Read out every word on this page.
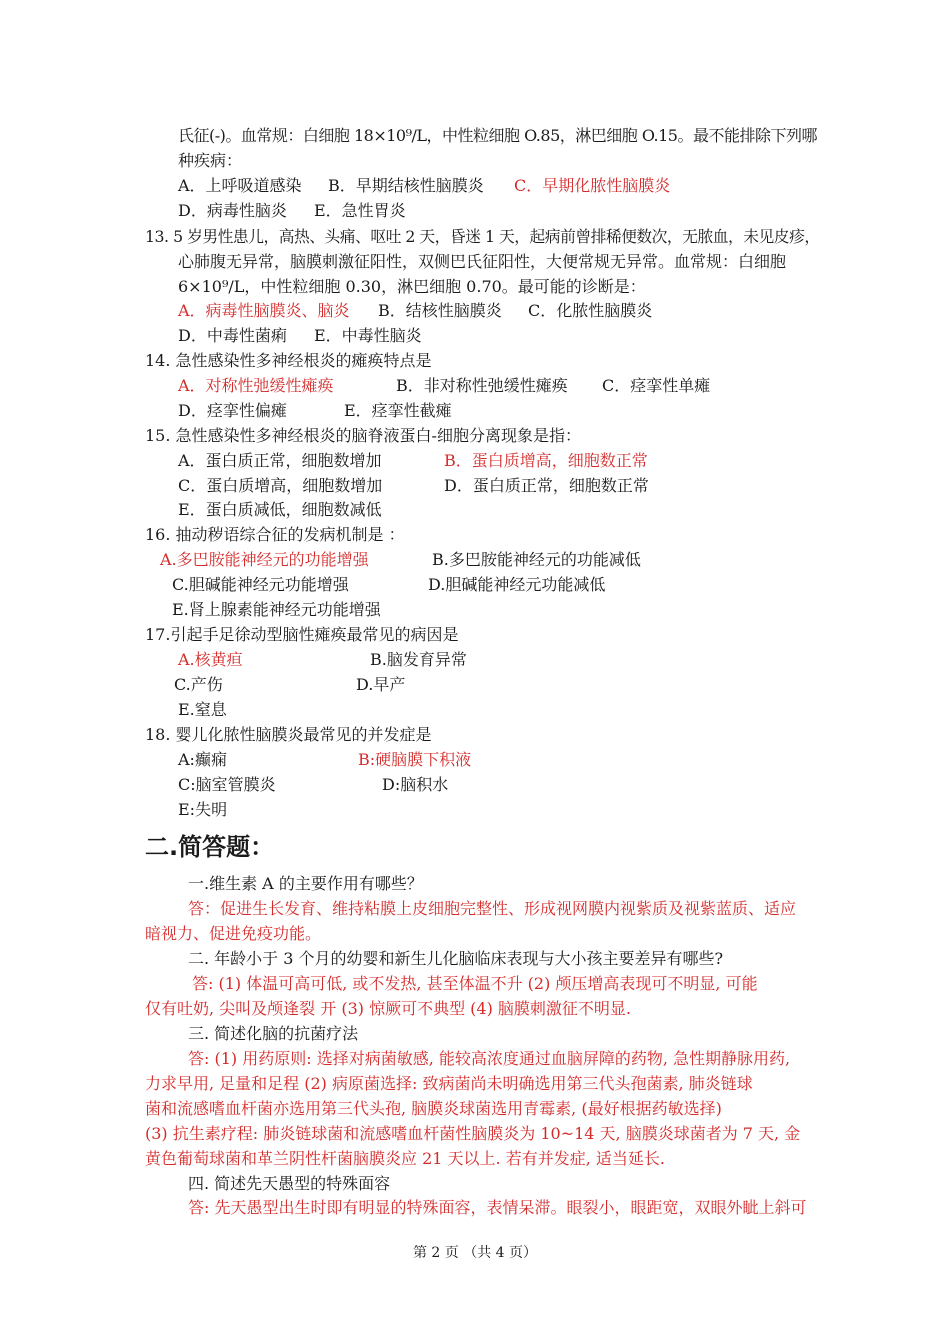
氏征(-)。血常规：白细胞 18×10⁹/L，中性粒细胞 O.85，淋巴细胞 O.15。最不能排除下列哪
种疾病：
A．上呼吸道感染 B．早期结核性脑膜炎 C．早期化脓性脑膜炎
D．病毒性脑炎 E．急性胃炎
13. 5 岁男性患儿，高热、头痛、呕吐 2 天，昏迷 1 天，起病前曾排稀便数次，无脓血，未见皮疹，
心肺腹无异常，脑膜刺激征阳性，双侧巴氏征阳性，大便常规无异常。血常规：白细胞
6×10⁹/L，中性粒细胞 0.30，淋巴细胞 0.70。最可能的诊断是：
A．病毒性脑膜炎、脑炎 B．结核性脑膜炎 C．化脓性脑膜炎
D．中毒性菌痢 E．中毒性脑炎
14. 急性感染性多神经根炎的瘫痪特点是
A．对称性弛缓性瘫痪	B．非对称性弛缓性瘫痪 C．痉挛性单瘫
D．痉挛性偏瘫	E．痉挛性截瘫
15. 急性感染性多神经根炎的脑脊液蛋白-细胞分离现象是指：
A．蛋白质正常，细胞数增加	B．蛋白质增高，细胞数正常
C．蛋白质增高，细胞数增加	D．蛋白质正常，细胞数正常
E．蛋白质减低，细胞数减低
16. 抽动秽语综合征的发病机制是 ：
A.多巴胺能神经元的功能增强	B.多巴胺能神经元的功能减低
C.胆碱能神经元功能增强	D.胆碱能神经元功能减低
E.肾上腺素能神经元功能增强
17.引起手足徐动型脑性瘫痪最常见的病因是
A.核黄疸	B.脑发育异常
C.产伤	D.早产
E.窒息
18. 婴儿化脓性脑膜炎最常见的并发症是
A:癫痫	B:硬脑膜下积液
C:脑室管膜炎	D:脑积水
E:失明
二.简答题：
一.维生素 A 的主要作用有哪些？
答：促进生长发育、维持粘膜上皮细胞完整性、形成视网膜内视紫质及视紫蓝质、适应
暗视力、促进免疫功能。
二. 年龄小于 3 个月的幼婴和新生儿化脑临床表现与大小孩主要差异有哪些?
答: (1) 体温可高可低, 或不发热, 甚至体温不升 (2) 颅压增高表现可不明显, 可能
仅有吐奶, 尖叫及颅逢裂 开 (3) 惊厥可不典型 (4) 脑膜刺激征不明显.
三. 简述化脑的抗菌疗法
答: (1) 用药原则: 选择对病菌敏感, 能较高浓度通过血脑屏障的药物, 急性期静脉用药,
力求早用, 足量和足程 (2) 病原菌选择: 致病菌尚未明确选用第三代头孢菌素, 肺炎链球
菌和流感嗜血杆菌亦选用第三代头孢, 脑膜炎球菌选用青霉素, (最好根据药敏选择)
(3) 抗生素疗程: 肺炎链球菌和流感嗜血杆菌性脑膜炎为 10~14 天, 脑膜炎球菌者为 7 天, 金
黄色葡萄球菌和革兰阴性杆菌脑膜炎应 21 天以上. 若有并发症, 适当延长.
四. 简述先天愚型的特殊面容
答: 先天愚型出生时即有明显的特殊面容，表情呆滞。眼裂小，眼距宽，双眼外眦上斜可
第 2 页 （共 4 页）
